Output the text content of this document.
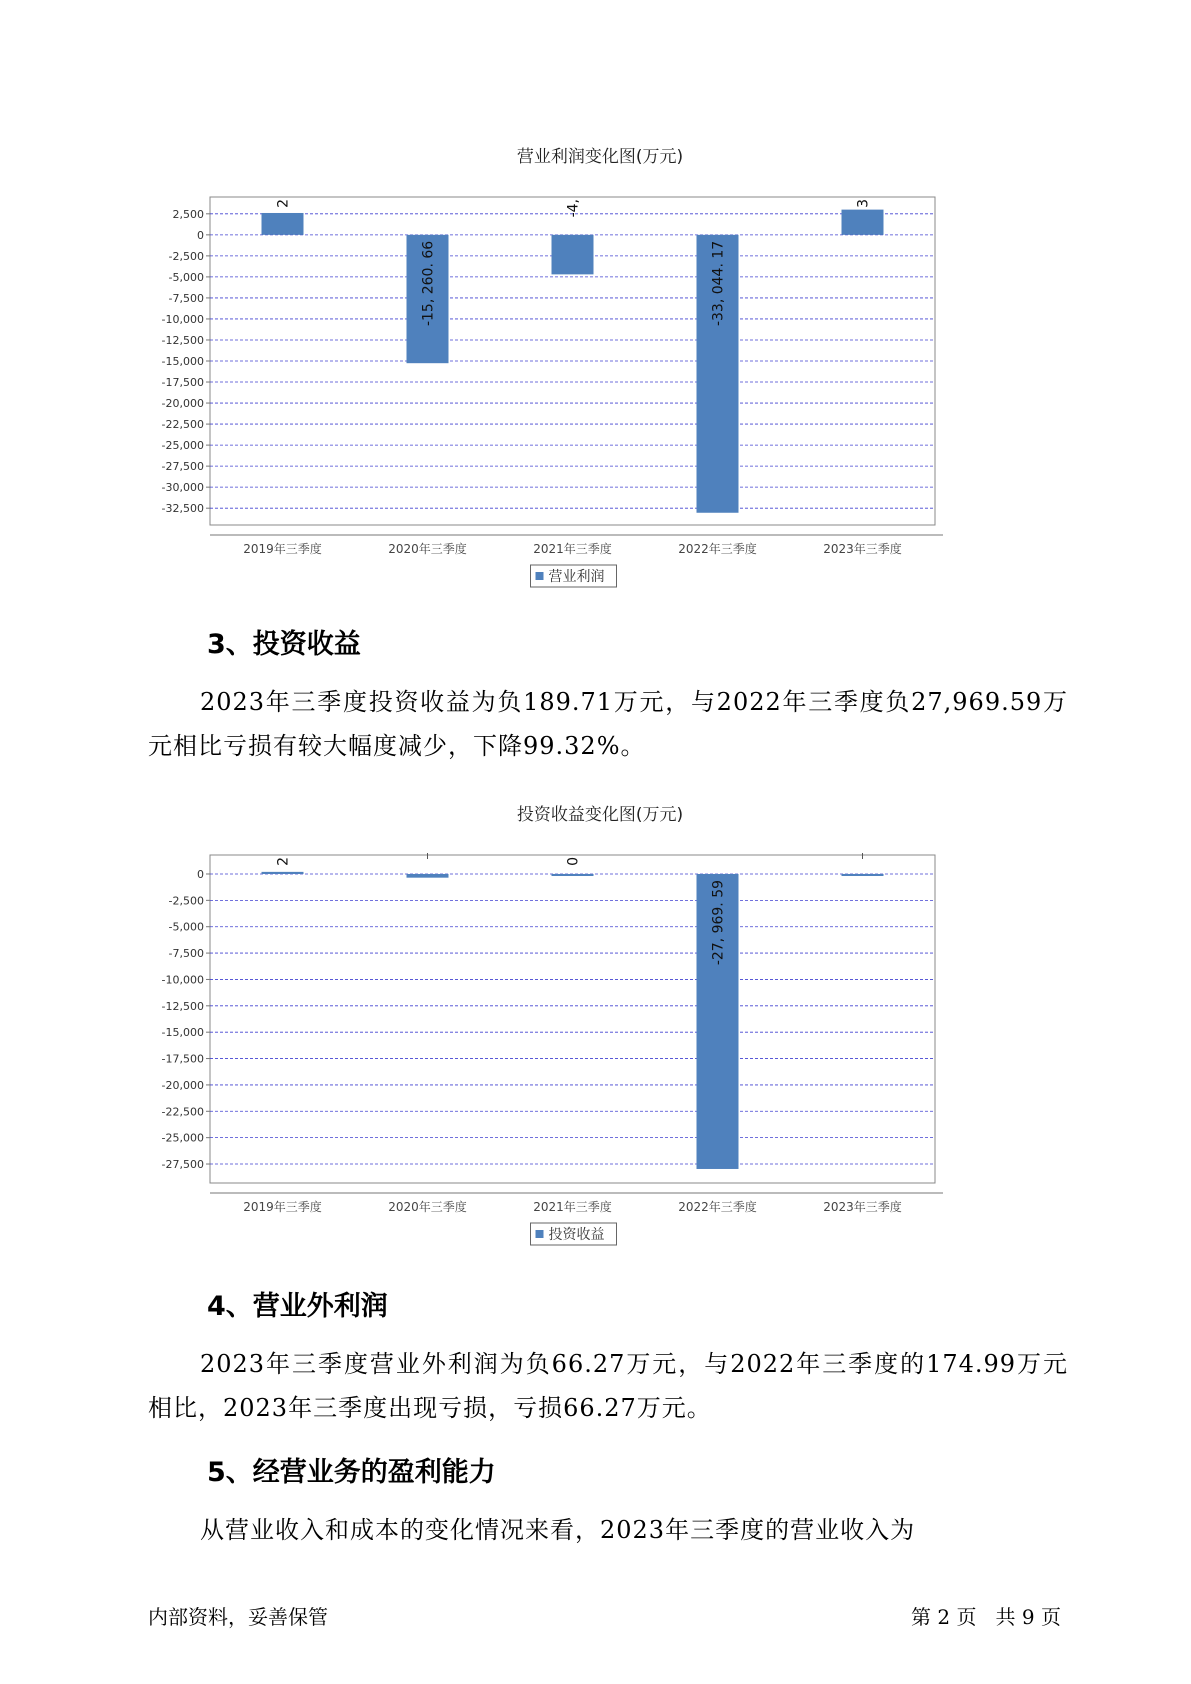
营业利润变化图(万元)
2,500
0
-2,500
-5,000
-7,500
-10,000
-12,500
-15,000
-17,500
-20,000
-22,500
-25,000
-27,500
-30,000
-32,500
2
2019年三季度
-15, 260. 66
2020年三季度
-4,
2021年三季度
-33, 044. 17
2022年三季度
3
2023年三季度
营业利润
3、投资收益
2023年三季度投资收益为负189.71万元，与2022年三季度负27,969.59万元相比亏损有较大幅度减少，下降99.32%。
投资收益变化图(万元)
0
-2,500
-5,000
-7,500
-10,000
-12,500
-15,000
-17,500
-20,000
-22,500
-25,000
-27,500
2
2019年三季度	2020年三季度
0
2021年三季度
-27, 969. 59
2022年三季度	2023年三季度
投资收益
4、营业外利润
2023年三季度营业外利润为负66.27万元，与2022年三季度的174.99万元相比，2023年三季度出现亏损，亏损66.27万元。
5、经营业务的盈利能力
从营业收入和成本的变化情况来看，2023年三季度的营业收入为
内部资料，妥善保管	第 2 页   共 9 页
